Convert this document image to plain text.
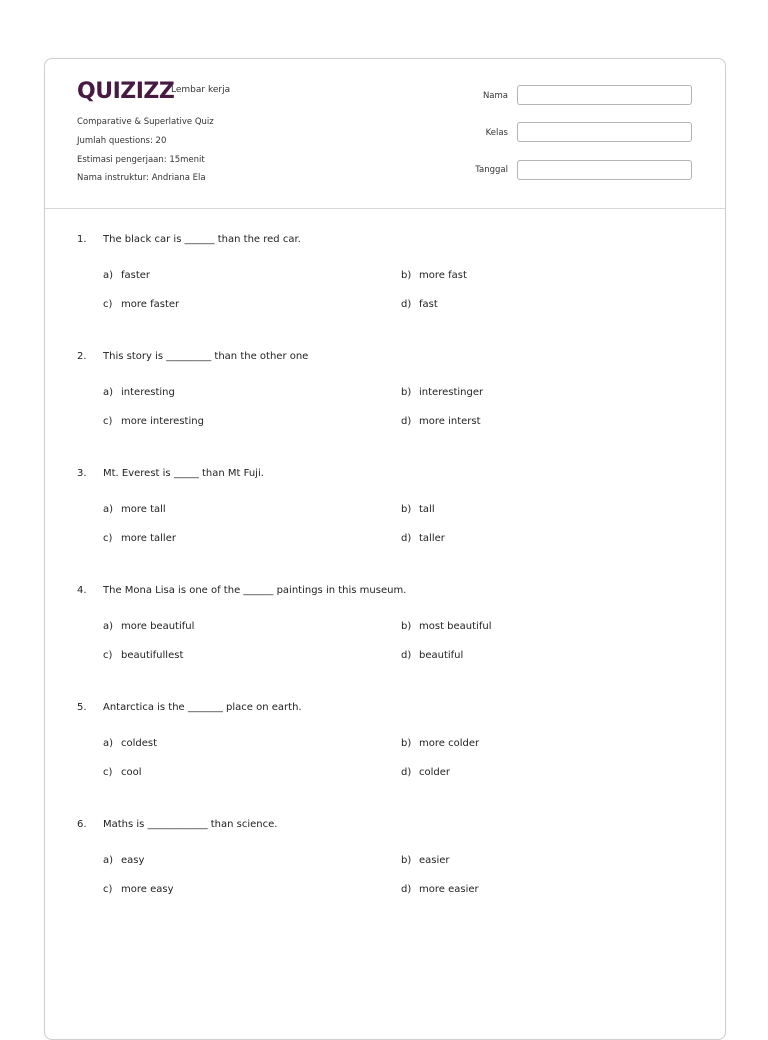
QUIZIZZ
Lembar kerja
Comparative & Superlative Quiz
Jumlah questions: 20
Estimasi pengerjaan: 15menit
Nama instruktur: Andriana Ela
Nama
Kelas
Tanggal
1. The black car is ______ than the red car.
a) faster	b) more fast
c) more faster	d) fast
2. This story is _________ than the other one
a) interesting	b) interestinger
c) more interesting	d) more interst
3. Mt. Everest is _____ than Mt Fuji.
a) more tall	b) tall
c) more taller	d) taller
4. The Mona Lisa is one of the ______ paintings in this museum.
a) more beautiful	b) most beautiful
c) beautifullest	d) beautiful
5. Antarctica is the _______ place on earth.
a) coldest	b) more colder
c) cool	d) colder
6. Maths is ____________ than science.
a) easy	b) easier
c) more easy	d) more easier
